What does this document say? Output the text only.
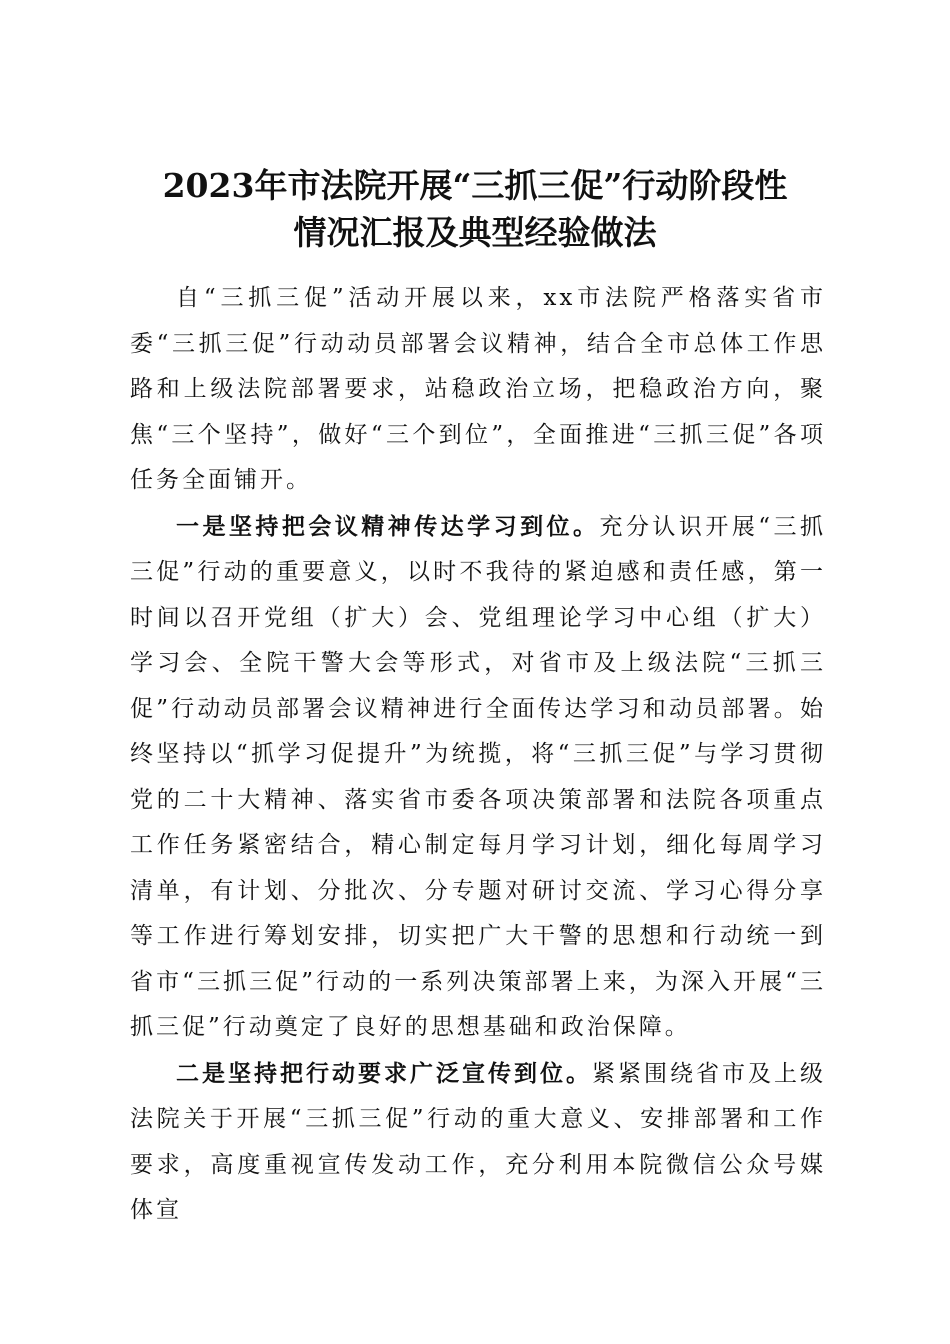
2023年市法院开展“三抓三促”行动阶段性
情况汇报及典型经验做法

自“三抓三促”活动开展以来，xx市法院严格落实省市委“三抓三促”行动动员部署会议精神，结合全市总体工作思路和上级法院部署要求，站稳政治立场，把稳政治方向，聚焦“三个坚持”，做好“三个到位”，全面推进“三抓三促”各项任务全面铺开。

一是坚持把会议精神传达学习到位。充分认识开展“三抓三促”行动的重要意义，以时不我待的紧迫感和责任感，第一时间以召开党组（扩大）会、党组理论学习中心组（扩大）学习会、全院干警大会等形式，对省市及上级法院“三抓三促”行动动员部署会议精神进行全面传达学习和动员部署。始终坚持以“抓学习促提升”为统揽，将“三抓三促”与学习贯彻党的二十大精神、落实省市委各项决策部署和法院各项重点工作任务紧密结合，精心制定每月学习计划，细化每周学习清单，有计划、分批次、分专题对研讨交流、学习心得分享等工作进行筹划安排，切实把广大干警的思想和行动统一到省市“三抓三促”行动的一系列决策部署上来，为深入开展“三抓三促”行动奠定了良好的思想基础和政治保障。

二是坚持把行动要求广泛宣传到位。紧紧围绕省市及上级法院关于开展“三抓三促”行动的重大意义、安排部署和工作要求，高度重视宣传发动工作，充分利用本院微信公众号媒体宣
